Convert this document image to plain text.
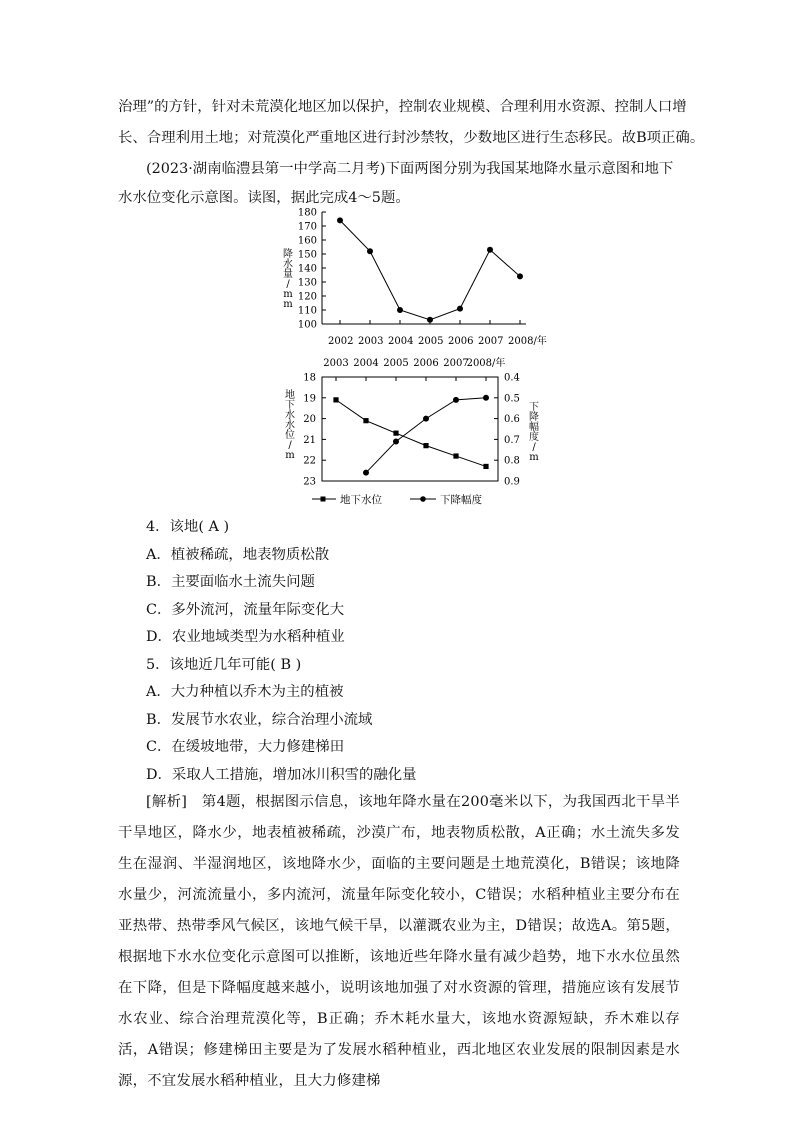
治理”的方针，针对未荒漠化地区加以保护，控制农业规模、合理利用水资源、控制人口增
长、合理利用土地；对荒漠化严重地区进行封沙禁牧，少数地区进行生态移民。故B项正确。
(2023·湖南临澧县第一中学高二月考)下面两图分别为我国某地降水量示意图和地下
水水位变化示意图。读图，据此完成4～5题。
100
110
120
130
140
150
160
170
180
2002 2003 2004 2005 2006 2007 2008/年
降水量/ m m
2003 2004 2005 2006 2007
2008/年
18
19
20
21
22
23
0.4
0.5
0.6
0.7
0.8
0.9
地下水水位/ m
下降幅度/ m
地下水位	下降幅度
4．该地( A )
A．植被稀疏，地表物质松散
B．主要面临水土流失问题
C．多外流河，流量年际变化大
D．农业地域类型为水稻种植业
5．该地近几年可能( B )
A．大力种植以乔木为主的植被
B．发展节水农业，综合治理小流域
C．在缓坡地带，大力修建梯田
D．采取人工措施，增加冰川积雪的融化量
[解析]　第4题，根据图示信息，该地年降水量在200毫米以下，为我国西北干旱半干旱地区，降水少，地表植被稀疏，沙漠广布，地表物质松散，A正确；水土流失多发生在湿润、半湿润地区，该地降水少，面临的主要问题是土地荒漠化，B错误；该地降水量少，河流流量小，多内流河，流量年际变化较小，C错误；水稻种植业主要分布在亚热带、热带季风气候区，该地气候干旱，以灌溉农业为主，D错误；故选A。第5题，根据地下水水位变化示意图可以推断，该地近些年降水量有减少趋势，地下水水位虽然在下降，但是下降幅度越来越小，说明该地加强了对水资源的管理，措施应该有发展节水农业、综合治理荒漠化等，B正确；乔木耗水量大，该地水资源短缺，乔木难以存活，A错误；修建梯田主要是为了发展水稻种植业，西北地区农业发展的限制因素是水源，不宜发展水稻种植业，且大力修建梯
